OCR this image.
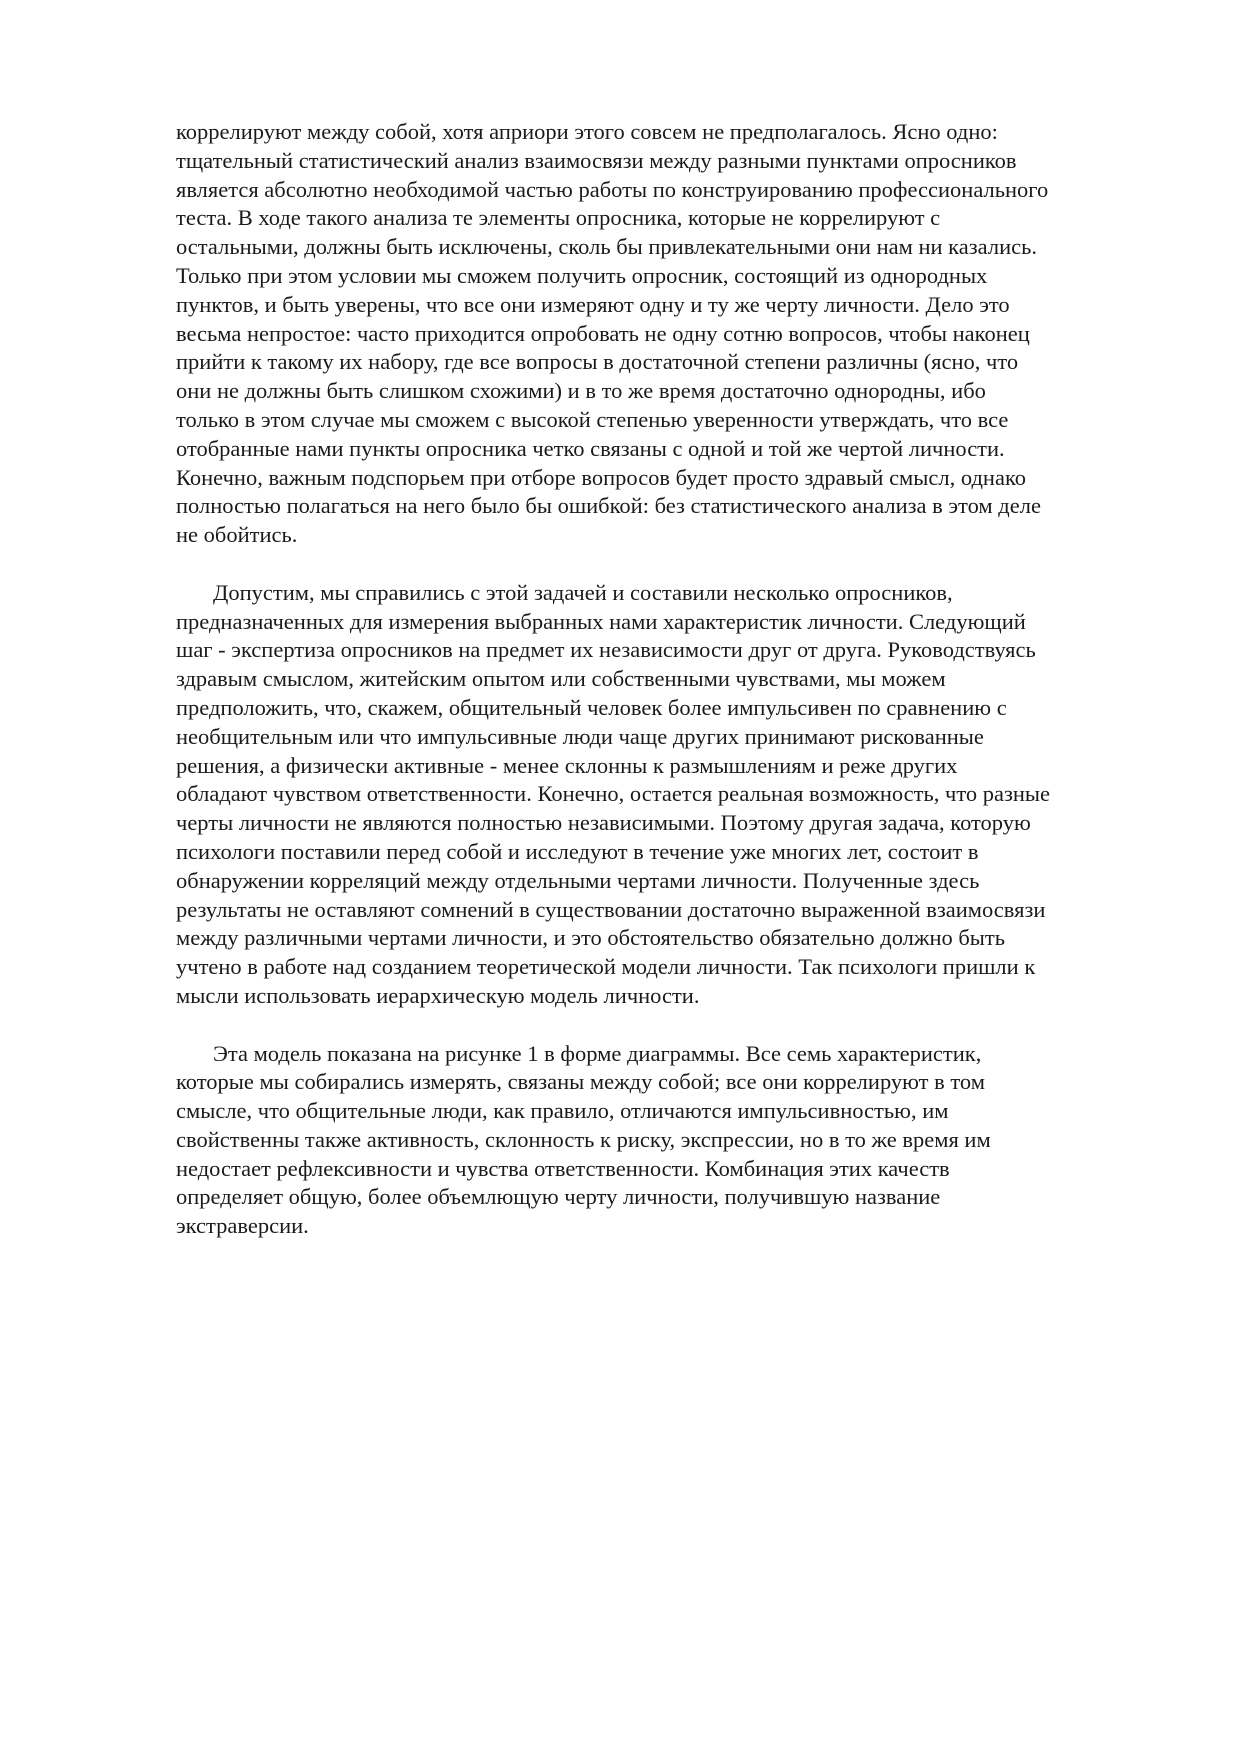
коррелируют между собой, хотя априори этого совсем не предполагалось. Ясно одно:
тщательный статистический анализ взаимосвязи между разными пунктами опросников
является абсолютно необходимой частью работы по конструированию профессионального
теста. В ходе такого анализа те элементы опросника, которые не коррелируют с
остальными, должны быть исключены, сколь бы привлекательными они нам ни казались.
Только при этом условии мы сможем получить опросник, состоящий из однородных
пунктов, и быть уверены, что все они измеряют одну и ту же черту личности. Дело это
весьма непростое: часто приходится опробовать не одну сотню вопросов, чтобы наконец
прийти к такому их набору, где все вопросы в достаточной степени различны (ясно, что
они не должны быть слишком схожими) и в то же время достаточно однородны, ибо
только в этом случае мы сможем с высокой степенью уверенности утверждать, что все
отобранные нами пункты опросника четко связаны с одной и той же чертой личности.
Конечно, важным подспорьем при отборе вопросов будет просто здравый смысл, однако
полностью полагаться на него было бы ошибкой: без статистического анализа в этом деле
не обойтись.
Допустим, мы справились с этой задачей и составили несколько опросников,
предназначенных для измерения выбранных нами характеристик личности. Следующий
шаг - экспертиза опросников на предмет их независимости друг от друга. Руководствуясь
здравым смыслом, житейским опытом или собственными чувствами, мы можем
предположить, что, скажем, общительный человек более импульсивен по сравнению с
необщительным или что импульсивные люди чаще других принимают рискованные
решения, а физически активные - менее склонны к размышлениям и реже других
обладают чувством ответственности. Конечно, остается реальная возможность, что разные
черты личности не являются полностью независимыми. Поэтому другая задача, которую
психологи поставили перед собой и исследуют в течение уже многих лет, состоит в
обнаружении корреляций между отдельными чертами личности. Полученные здесь
результаты не оставляют сомнений в существовании достаточно выраженной взаимосвязи
между различными чертами личности, и это обстоятельство обязательно должно быть
учтено в работе над созданием теоретической модели личности. Так психологи пришли к
мысли использовать иерархическую модель личности.
Эта модель показана на рисунке 1 в форме диаграммы. Все семь характеристик,
которые мы собирались измерять, связаны между собой; все они коррелируют в том
смысле, что общительные люди, как правило, отличаются импульсивностью, им
свойственны также активность, склонность к риску, экспрессии, но в то же время им
недостает рефлексивности и чувства ответственности. Комбинация этих качеств
определяет общую, более объемлющую черту личности, получившую название
экстраверсии.
